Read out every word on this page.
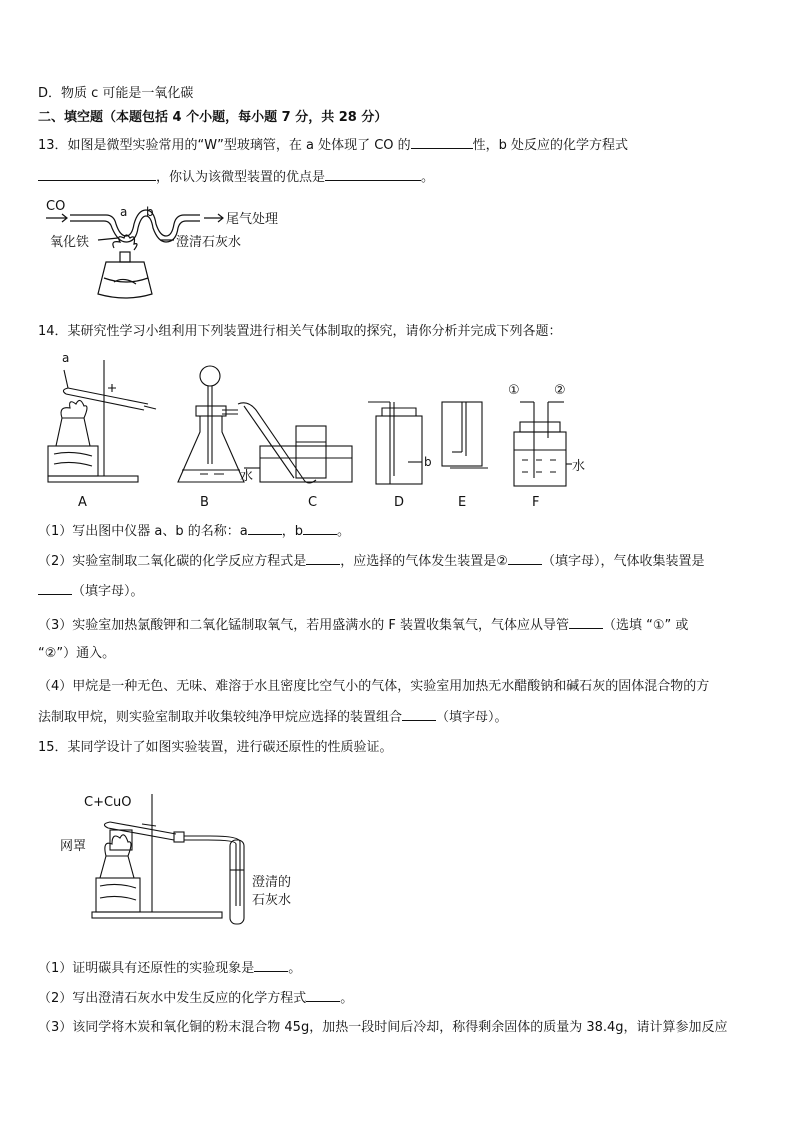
D．物质 c 可能是一氧化碳
二、填空题（本题包括 4 个小题，每小题 7 分，共 28 分）
13．如图是微型实验常用的“W”型玻璃管，在 a 处体现了 CO 的	性，b 处反应的化学方程式
，你认为该微型装置的优点是	。
CO	a b	尾气处理
氧化铁	澄清石灰水
14．某研究性学习小组利用下列装置进行相关气体制取的探究，请你分析并完成下列各题：
a
b
水
水
①	②
A	B	C	D	E	F
（1）写出图中仪器 a、b 的名称：a	，b	。
（2）实验室制取二氧化碳的化学反应方程式是	，应选择的气体发生装置是②	（填字母），气体收集装置是
（填字母）。
（3）实验室加热氯酸钾和二氧化锰制取氧气，若用盛满水的 F 装置收集氧气，气体应从导管	（选填 “①” 或
“②”）通入。
（4）甲烷是一种无色、无味、难溶于水且密度比空气小的气体，实验室用加热无水醋酸钠和碱石灰的固体混合物的方
法制取甲烷，则实验室制取并收集较纯净甲烷应选择的装置组合	（填字母）。
15．某同学设计了如图实验装置，进行碳还原性的性质验证。
C+CuO
网罩
澄清的
石灰水
（1）证明碳具有还原性的实验现象是	。
（2）写出澄清石灰水中发生反应的化学方程式	。
（3）该同学将木炭和氧化铜的粉末混合物 45g，加热一段时间后冷却，称得剩余固体的质量为 38.4g，请计算参加反应
